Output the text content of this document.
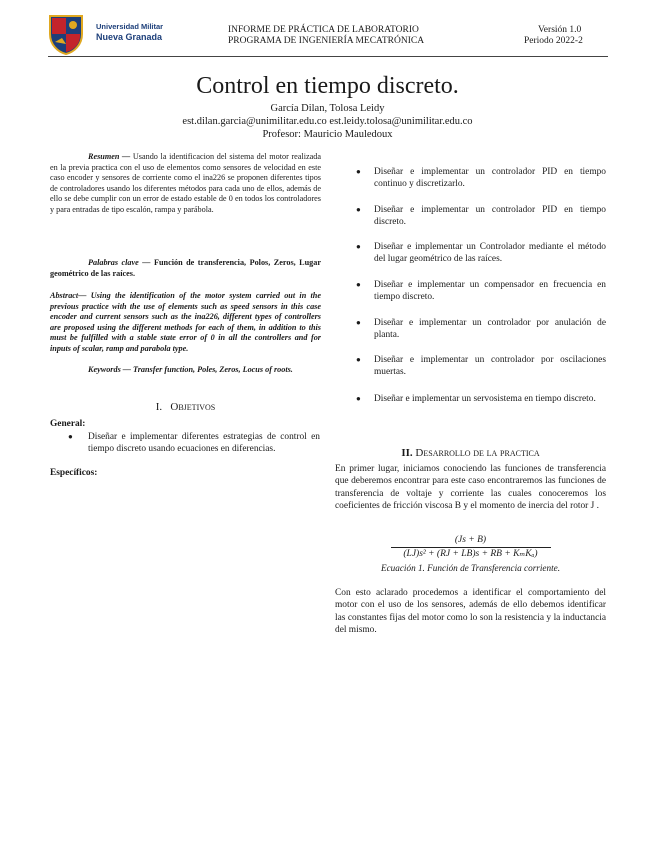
Universidad Militar
Nueva Granada
INFORME DE PRÁCTICA DE LABORATORIO
PROGRAMA DE INGENIERÍA MECATRÓNICA
Versión 1.0
Periodo 2022-2
Control en tiempo discreto.
García Dilan, Tolosa Leidy
est.dilan.garcia@unimilitar.edu.co est.leidy.tolosa@unimilitar.edu.co
Profesor: Mauricio Mauledoux
Resumen — Usando la identificacion del sistema del motor realizada en la previa practica con el uso de elementos como sensores de velocidad en este caso encoder y sensores de corriente como el ina226 se proponen diferentes tipos de controladores usando los diferentes métodos para cada uno de ellos, además de ello se debe cumplir con un error de estado estable de 0 en todos los controladores y para entradas de tipo escalón, rampa y parábola.
Palabras clave — Función de transferencia, Polos, Zeros, Lugar geométrico de las raíces.
Abstract— Using the identification of the motor system carried out in the previous practice with the use of elements such as speed sensors in this case encoder and current sensors such as the ina226, different types of controllers are proposed using the different methods for each of them, in addition to this must be fulfilled with a stable state error of 0 in all the controllers and for inputs of scalar, ramp and parabola type.
Keywords — Transfer function, Poles, Zeros, Locus of roots.
I. Objetivos
General:
● Diseñar e implementar diferentes estrategias de control en tiempo discreto usando ecuaciones en diferencias.
Específicos:
● Diseñar e implementar un controlador PID en tiempo continuo y discretizarlo.
● Diseñar e implementar un controlador PID en tiempo discreto.
● Diseñar e implementar un Controlador mediante el método del lugar geométrico de las raíces.
● Diseñar e implementar un compensador en frecuencia en tiempo discreto.
● Diseñar e implementar un controlador por anulación de planta.
● Diseñar e implementar un controlador por oscilaciones muertas.
● Diseñar e implementar un servosistema en tiempo discreto.
II. Desarrollo de la practica
En primer lugar, iniciamos conociendo las funciones de transferencia que deberemos encontrar para este caso encontraremos las funciones de transferencia de voltaje y corriente las cuales conoceremos los coeficientes de fricción viscosa B y el momento de inercia del rotor J .
(Js + B)
(LJ)s² + (RJ + LB)s + RB + KₘKₐ)
Ecuación 1. Función de Transferencia corriente.
Con esto aclarado procedemos a identificar el comportamiento del motor con el uso de los sensores, además de ello debemos identificar las constantes fijas del motor como lo son la resistencia y la inductancia del mismo.
